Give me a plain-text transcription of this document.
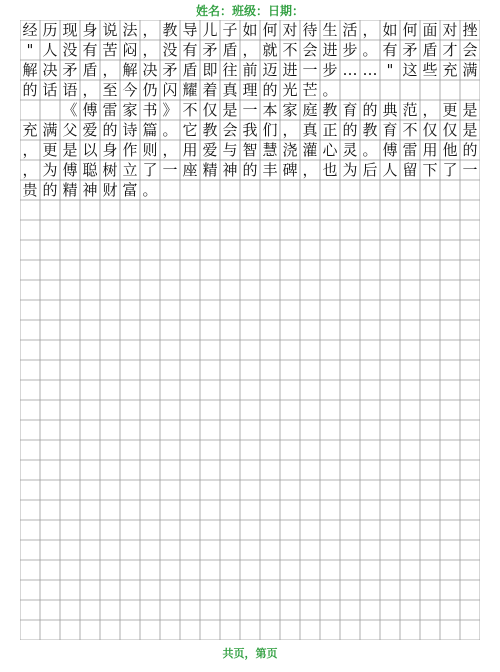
姓名：班级：日期：
经 历 现 身 说 法 ， 教 导 儿 子 如 何 对 待 生 活 ， 如 何 面 对 挫
" 人 没 有 苦 闷 ， 没 有 矛 盾 ， 就 不 会 进 步 。 有 矛 盾 才 会
解 决 矛 盾 ， 解 决 矛 盾 即 往 前 迈 进 一 步 … … " 这 些 充 满
的 话 语 ， 至 今 仍 闪 耀 着 真 理 的 光 芒 。

《 傅 雷 家 书 》 不 仅 是 一 本 家 庭 教 育 的 典 范 ， 更 是
充 满 父 爱 的 诗 篇 。 它 教 会 我 们 ， 真 正 的 教 育 不 仅 仅 是
， 更 是 以 身 作 则 ， 用 爱 与 智 慧 浇 灌 心 灵 。 傅 雷 用 他 的
， 为 傅 聪 树 立 了 一 座 精 神 的 丰 碑 ， 也 为 后 人 留 下 了 一
贵 的 精 神 财 富 。
共页，第页
